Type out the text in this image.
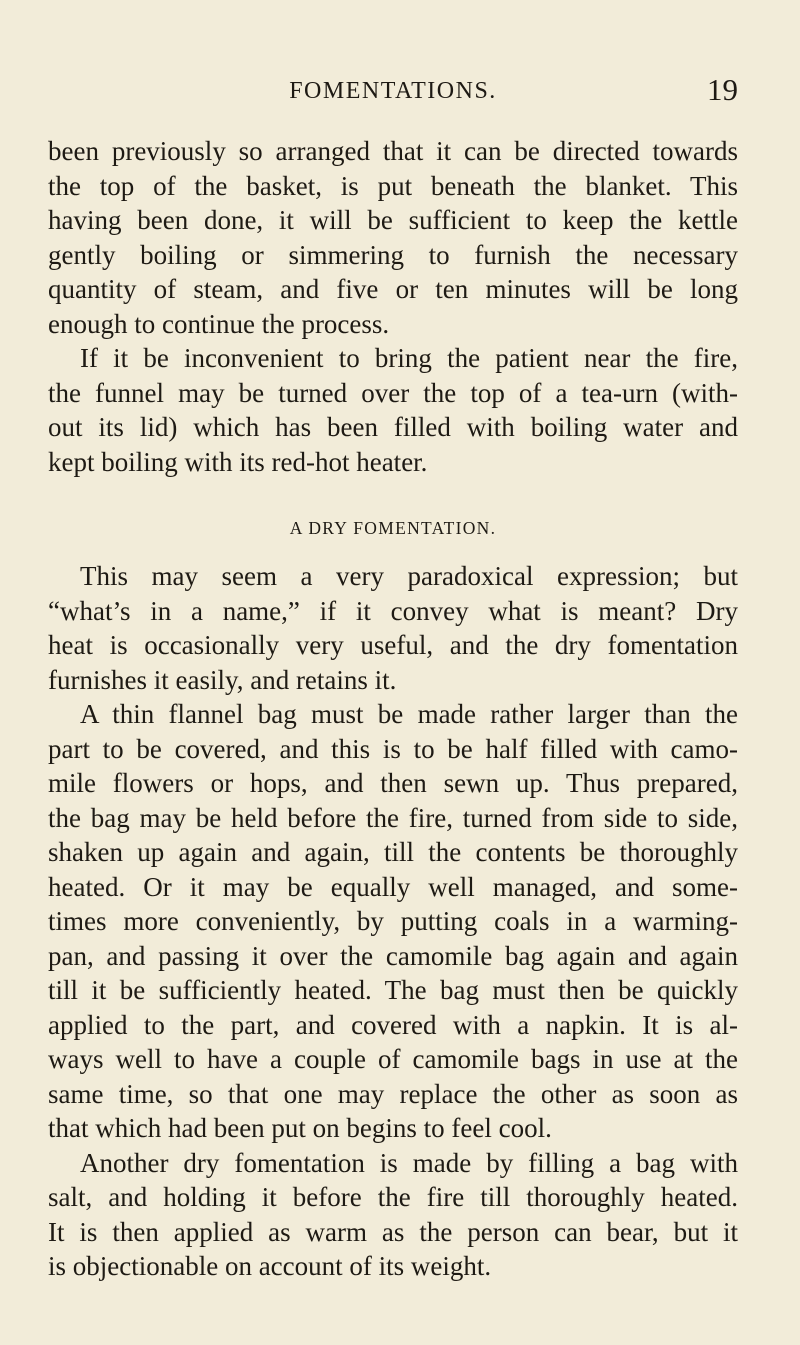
FOMENTATIONS.	19
been previously so arranged that it can be directed towards
the top of the basket, is put beneath the blanket. This
having been done, it will be sufficient to keep the kettle
gently boiling or simmering to furnish the necessary
quantity of steam, and five or ten minutes will be long
enough to continue the process.
If it be inconvenient to bring the patient near the fire,
the funnel may be turned over the top of a tea-urn (with-
out its lid) which has been filled with boiling water and
kept boiling with its red-hot heater.
A DRY FOMENTATION.
This may seem a very paradoxical expression; but
“what’s in a name,” if it convey what is meant? Dry
heat is occasionally very useful, and the dry fomentation
furnishes it easily, and retains it.
A thin flannel bag must be made rather larger than the
part to be covered, and this is to be half filled with camo-
mile flowers or hops, and then sewn up. Thus prepared,
the bag may be held before the fire, turned from side to side,
shaken up again and again, till the contents be thoroughly
heated. Or it may be equally well managed, and some-
times more conveniently, by putting coals in a warming-
pan, and passing it over the camomile bag again and again
till it be sufficiently heated. The bag must then be quickly
applied to the part, and covered with a napkin. It is al-
ways well to have a couple of camomile bags in use at the
same time, so that one may replace the other as soon as
that which had been put on begins to feel cool.
Another dry fomentation is made by filling a bag with
salt, and holding it before the fire till thoroughly heated.
It is then applied as warm as the person can bear, but it
is objectionable on account of its weight.
